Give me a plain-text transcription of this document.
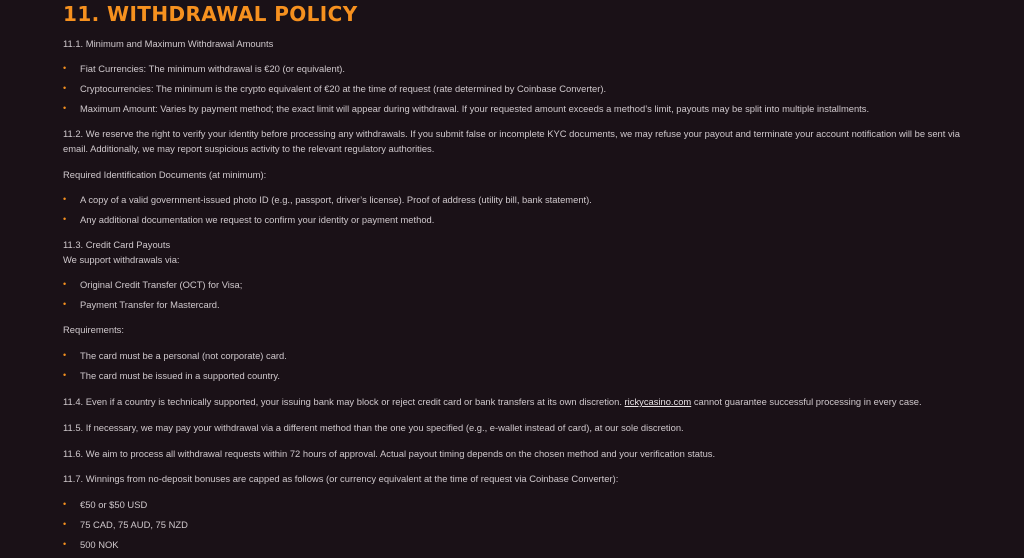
11. WITHDRAWAL POLICY

11.1. Minimum and Maximum Withdrawal Amounts

• Fiat Currencies: The minimum withdrawal is €20 (or equivalent).
• Cryptocurrencies: The minimum is the crypto equivalent of €20 at the time of request (rate determined by Coinbase Converter).
• Maximum Amount: Varies by payment method; the exact limit will appear during withdrawal. If your requested amount exceeds a method’s limit, payouts may be split into multiple installments.

11.2. We reserve the right to verify your identity before processing any withdrawals. If you submit false or incomplete KYC documents, we may refuse your payout and terminate your account notification will be sent via

email. Additionally, we may report suspicious activity to the relevant regulatory authorities.

Required Identification Documents (at minimum):

• A copy of a valid government-issued photo ID (e.g., passport, driver’s license). Proof of address (utility bill, bank statement).
• Any additional documentation we request to confirm your identity or payment method.

11.3. Credit Card Payouts

We support withdrawals via:

• Original Credit Transfer (OCT) for Visa;
• Payment Transfer for Mastercard.

Requirements:

• The card must be a personal (not corporate) card.
• The card must be issued in a supported country.

11.4. Even if a country is technically supported, your issuing bank may block or reject credit card or bank transfers at its own discretion. rickycasino.com cannot guarantee successful processing in every case.

11.5. If necessary, we may pay your withdrawal via a different method than the one you specified (e.g., e-wallet instead of card), at our sole discretion.

11.6. We aim to process all withdrawal requests within 72 hours of approval. Actual payout timing depends on the chosen method and your verification status.

11.7. Winnings from no-deposit bonuses are capped as follows (or currency equivalent at the time of request via Coinbase Converter):

• €50 or $50 USD
• 75 CAD, 75 AUD, 75 NZD
• 500 NOK
